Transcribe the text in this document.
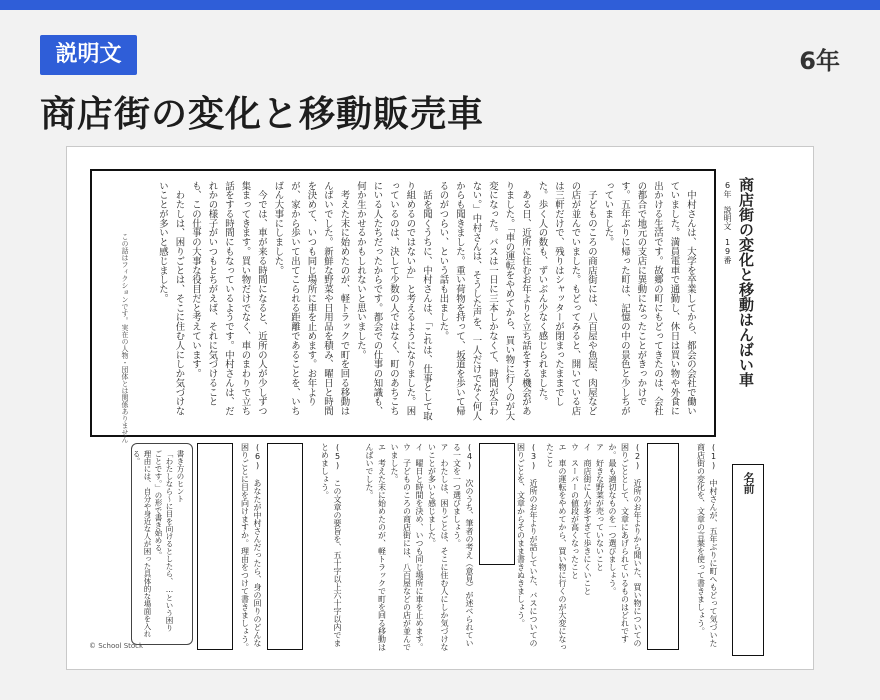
説明文	6年
商店街の変化と移動販売車
　中村さんは、大学を卒業してから、都会の会社で働いていました。満員電車で通勤し、休日は買い物や外食に出かける生活です。故郷の町にもどってきたのは、会社の都合で地元の支店に異動になったことがきっかけです。五年ぶりに帰った町は、記憶の中の景色と少しちがっていました。
　子どものころの商店街には、八百屋や魚屋、肉屋などの店が並んでいました。もどってみると、開いている店は三軒だけで、残りはシャッターが閉まったままでした。歩く人の数も、ずいぶん少なく感じられました。
　ある日、近所に住むお年よりと立ち話をする機会がありました。「車の運転をやめてから、買い物に行くのが大変になった。バスは一日に三本しかなくて、時間が合わない。」中村さんは、そうした声を、一人だけでなく何人からも聞きました。重い荷物を持って、坂道を歩いて帰るのがつらい、という話も出ました。
　話を聞くうちに、中村さんは、「これは、仕事として取り組めるのではないか」と考えるようになりました。困っているのは、決して少数の人ではなく、町のあちこちにいる人たちだったからです。都会での仕事の知識も、何か生かせるかもしれないと思いました。
　考えた末に始めたのが、軽トラックで町を回る移動はんばいでした。新鮮な野菜や日用品を積み、曜日と時間を決めて、いつも同じ場所に車を止めます。お年よりが、家から歩いて出てこられる距離であることを、いちばん大事にしました。
　今では、車が来る時間になると、近所の人が少しずつ集まってきます。買い物だけでなく、車のまわりで立ち話をする時間にもなっているようです。中村さんは、だれかの様子がいつもとちがえば、それに気づけることも、この仕事の大事な役目だと考えています。
　わたしは、困りごとは、そこに住む人にしか気づけないことが多いと感じました。
この話はフィクションです。実在の人物・団体とは関係ありません	商店街の変化と移動はんばい車
6年　説明文　19番
名前
(1) 中村さんが、五年ぶりに町へもどって気づいた商店街の変化を、文章の言葉を使って書きましょう。
(2) 近所のお年よりから聞いた、買い物についての困りごととして、文章にあげられているものはどれですか。最も適切なものを一つ選びましょう。
ア　好きな野菜が売っていないこと
イ　商店街に人が多すぎて歩きにくいこと
ウ　スーパーの値段が高くなったこと
エ　車の運転をやめてから、買い物に行くのが大変になったこと
(3) 近所のお年よりが話していた、バスについての困りごとを、文章からそのまま書きぬきましょう。
(4) 次のうち、筆者の考え（意見）が述べられている一文を一つ選びましょう。
ア　わたしは、困りごとは、そこに住む人にしか気づけないことが多いと感じました。
イ　曜日と時間を決め、いつも同じ場所に車を止めます。
ウ　子どものころの商店街には、八百屋などの店が並んでいました。
エ　考えた末に始めたのが、軽トラックで町を回る移動はんばいでした。
(5) この文章の要旨を、五十字以上六十字以内でまとめましょう。
(6) あなたが中村さんだったら、身の回りのどんな困りごとに目を向けますか。理由をつけて書きましょう。
書き方のヒント
「わたしなら〜に目を向けるとしたら、…という困りごとです。」の形で書き始める。
理由には、自分や身近な人が困った具体的な場面を入れる。
© School Stock
